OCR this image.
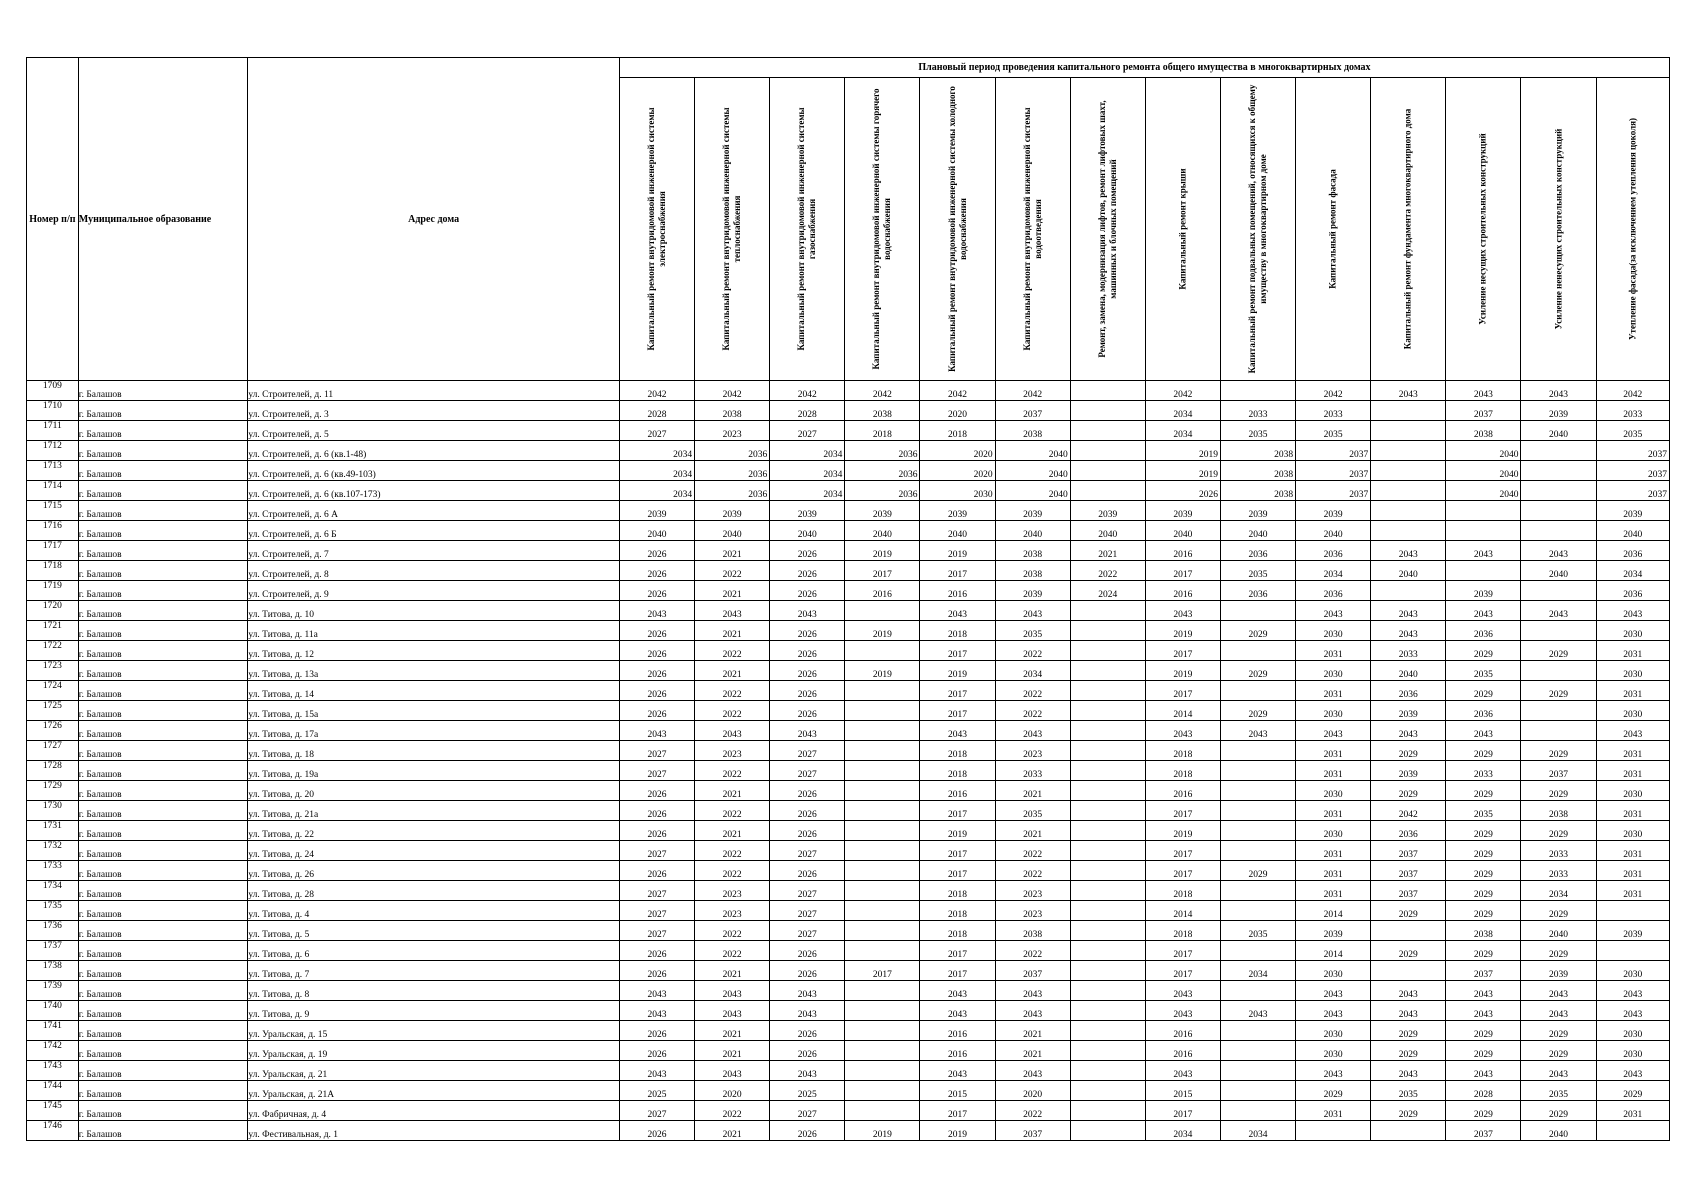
Номер п/п	Муниципальное образование	Адрес дома	Плановый период проведения капитального ремонта общего имущества в многоквартирных домах													

			Капитальный ремонт внутридомовой инженерной системы электроснабжения	Капитальный ремонт внутридомовой инженерной системы теплоснабжения	Капитальный ремонт внутридомовой инженерной системы газоснабжения	Капитальный ремонт внутридомовой инженерной системы горячего водоснабжения	Капитальный ремонт внутридомовой инженерной системы холодного водоснабжения	Капитальный ремонт внутридомовой инженерной системы водоотведения	Ремонт, замена, модернизация лифтов, ремонт лифтовых шахт, машинных и блочных помещений	Капитальный ремонт крыши	Капитальный ремонт подвальных помещений, относящихся к общему имуществу в многоквартирном доме	Капитальный ремонт фасада	Капитальный ремонт фундамента многоквартирного дома	Усиление несущих строительных конструкций	Усиление ненесущих строительных конструкций	Утепление фасада(за исключением утепления цоколя)

1709	г. Балашов	ул. Строителей, д. 11	2042	2042	2042	2042	2042	2042		2042		2042	2043	2043	2043	2042
1710	г. Балашов	ул. Строителей, д. 3	2028	2038	2028	2038	2020	2037		2034	2033	2033		2037	2039	2033
1711	г. Балашов	ул. Строителей, д. 5	2027	2023	2027	2018	2018	2038		2034	2035	2035		2038	2040	2035
1712	г. Балашов	ул. Строителей, д. 6 (кв.1-48)	2034	2036	2034	2036	2020	2040		2019	2038	2037		2040		2037
1713	г. Балашов	ул. Строителей, д. 6 (кв.49-103)	2034	2036	2034	2036	2020	2040		2019	2038	2037		2040		2037
1714	г. Балашов	ул. Строителей, д. 6 (кв.107-173)	2034	2036	2034	2036	2030	2040		2026	2038	2037		2040		2037
1715	г. Балашов	ул. Строителей, д. 6 А	2039	2039	2039	2039	2039	2039	2039	2039	2039	2039				2039
1716	г. Балашов	ул. Строителей, д. 6 Б	2040	2040	2040	2040	2040	2040	2040	2040	2040	2040				2040
1717	г. Балашов	ул. Строителей, д. 7	2026	2021	2026	2019	2019	2038	2021	2016	2036	2036	2043	2043	2043	2036
1718	г. Балашов	ул. Строителей, д. 8	2026	2022	2026	2017	2017	2038	2022	2017	2035	2034	2040		2040	2034
1719	г. Балашов	ул. Строителей, д. 9	2026	2021	2026	2016	2016	2039	2024	2016	2036	2036		2039		2036
1720	г. Балашов	ул. Титова, д. 10	2043	2043	2043		2043	2043		2043		2043	2043	2043	2043	2043
1721	г. Балашов	ул. Титова, д. 11а	2026	2021	2026	2019	2018	2035		2019	2029	2030	2043	2036		2030
1722	г. Балашов	ул. Титова, д. 12	2026	2022	2026		2017	2022		2017		2031	2033	2029	2029	2031
1723	г. Балашов	ул. Титова, д. 13а	2026	2021	2026	2019	2019	2034		2019	2029	2030	2040	2035		2030
1724	г. Балашов	ул. Титова, д. 14	2026	2022	2026		2017	2022		2017		2031	2036	2029	2029	2031
1725	г. Балашов	ул. Титова, д. 15а	2026	2022	2026		2017	2022		2014	2029	2030	2039	2036		2030
1726	г. Балашов	ул. Титова, д. 17а	2043	2043	2043		2043	2043		2043	2043	2043	2043	2043		2043
1727	г. Балашов	ул. Титова, д. 18	2027	2023	2027		2018	2023		2018		2031	2029	2029	2029	2031
1728	г. Балашов	ул. Титова, д. 19а	2027	2022	2027		2018	2033		2018		2031	2039	2033	2037	2031
1729	г. Балашов	ул. Титова, д. 20	2026	2021	2026		2016	2021		2016		2030	2029	2029	2029	2030
1730	г. Балашов	ул. Титова, д. 21а	2026	2022	2026		2017	2035		2017		2031	2042	2035	2038	2031
1731	г. Балашов	ул. Титова, д. 22	2026	2021	2026		2019	2021		2019		2030	2036	2029	2029	2030
1732	г. Балашов	ул. Титова, д. 24	2027	2022	2027		2017	2022		2017		2031	2037	2029	2033	2031
1733	г. Балашов	ул. Титова, д. 26	2026	2022	2026		2017	2022		2017	2029	2031	2037	2029	2033	2031
1734	г. Балашов	ул. Титова, д. 28	2027	2023	2027		2018	2023		2018		2031	2037	2029	2034	2031
1735	г. Балашов	ул. Титова, д. 4	2027	2023	2027		2018	2023		2014		2014	2029	2029	2029	
1736	г. Балашов	ул. Титова, д. 5	2027	2022	2027		2018	2038		2018	2035	2039		2038	2040	2039
1737	г. Балашов	ул. Титова, д. 6	2026	2022	2026		2017	2022		2017		2014	2029	2029	2029	
1738	г. Балашов	ул. Титова, д. 7	2026	2021	2026	2017	2017	2037		2017	2034	2030		2037	2039	2030
1739	г. Балашов	ул. Титова, д. 8	2043	2043	2043		2043	2043		2043		2043	2043	2043	2043	2043
1740	г. Балашов	ул. Титова, д. 9	2043	2043	2043		2043	2043		2043	2043	2043	2043	2043	2043	2043
1741	г. Балашов	ул. Уральская, д. 15	2026	2021	2026		2016	2021		2016		2030	2029	2029	2029	2030
1742	г. Балашов	ул. Уральская, д. 19	2026	2021	2026		2016	2021		2016		2030	2029	2029	2029	2030
1743	г. Балашов	ул. Уральская, д. 21	2043	2043	2043		2043	2043		2043		2043	2043	2043	2043	2043
1744	г. Балашов	ул. Уральская, д. 21А	2025	2020	2025		2015	2020		2015		2029	2035	2028	2035	2029
1745	г. Балашов	ул. Фабричная, д. 4	2027	2022	2027		2017	2022		2017		2031	2029	2029	2029	2031
1746	г. Балашов	ул. Фестивальная, д. 1	2026	2021	2026	2019	2019	2037		2034	2034			2037	2040	
